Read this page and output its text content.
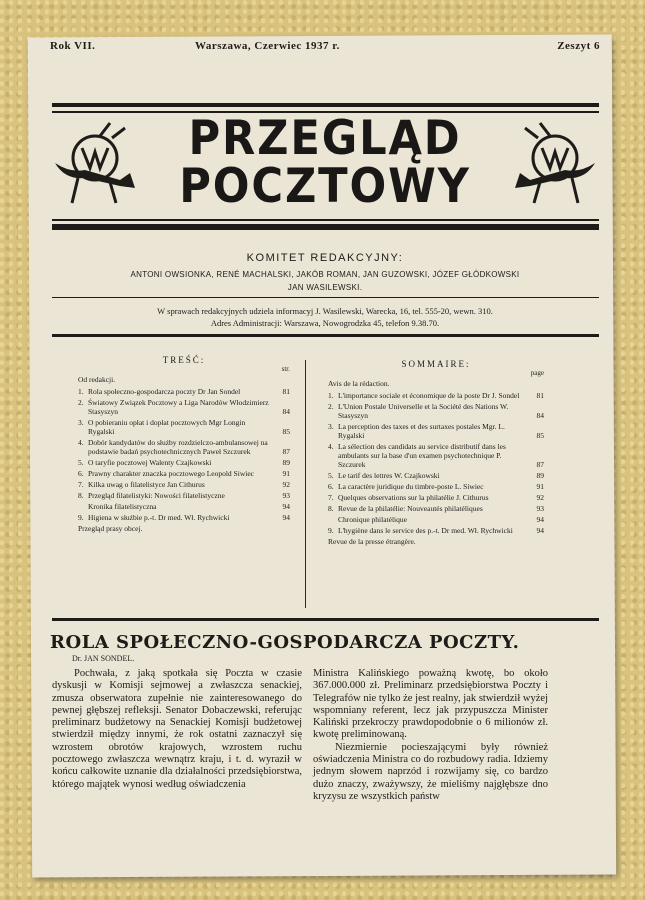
Rok VII.	Warszawa, Czerwiec 1937 r.	Zeszyt 6
PRZEGLĄD
POCZTOWY
KOMITET REDAKCYJNY:
ANTONI OWSIONKA, RENÉ MACHALSKI, JAKÓB ROMAN, JAN GUZOWSKI, JÓZEF GŁÓDKOWSKI
JAN WASILEWSKI.
W sprawach redakcyjnych udziela informacyj J. Wasilewski, Warecka, 16, tel. 555-20, wewn. 310.
Adres Administracji: Warszawa, Nowogrodzka 45, telefon 9.38.70.
TREŚĆ:
str.
Od redakcji.
1. Rola społeczno-gospodarcza poczty Dr Jan Sondel	81
2. Światowy Związek Pocztowy a Liga Narodów Włodzimierz Stasyszyn	84
3. O pobieraniu opłat i dopłat pocztowych Mgr Longin Rygalski	85
4. Dobór kandydatów do służby rozdzielczo-ambulansowej na podstawie badań psychotechnicznych Paweł Szczurek	87
5. O taryfie pocztowej Walenty Czajkowski	89
6. Prawny charakter znaczka pocztowego Leopold Siwiec	91
7. Kilka uwag o filatelistyce Jan Cithurus	92
8. Przegląd filatelistyki: Nowości filatelistyczne	93
Kronika filatelistyczna	94
9. Higiena w służbie p.-t. Dr med. Wł. Rychwicki	94
Przegląd prasy obcej.
SOMMAIRE:
page
Avis de la rédaction.
1. L'importance sociale et économique de la poste Dr J. Sondel	81
2. L'Union Postale Universelle et la Société des Nations W. Stasyszyn	84
3. La perception des taxes et des surtaxes postales Mgr. L. Rygalski	85
4. La sélection des candidats au service distributif dans les ambulants sur la base d'un examen psychotechnique P. Szczurek	87
5. Le tarif des lettres W. Czajkowski	89
6. La caractère juridique du timbre-poste L. Siwiec	91
7. Quelques observations sur la philatélie J. Cithurus	92
8. Revue de la philatélie: Nouveautés philatéliques	93
Chronique philatélique	94
9. L'hygiène dans le service des p.-t. Dr med. Wł. Rychwicki	94
Revue de la presse étrangère.
ROLA SPOŁECZNO-GOSPODARCZA POCZTY.
Dr. JAN SONDEL.

Pochwała, z jaką spotkała się Poczta w czasie dyskusji w Komisji sejmowej a zwłaszcza senackiej, zmusza obserwatora zupełnie nie zainteresowanego do pewnej głębszej refleksji. Senator Dobaczewski, referując preliminarz budżetowy na Senackiej Komisji budżetowej stwierdził między innymi, że rok ostatni zaznaczył się wzrostem obrotów krajowych, wzrostem ruchu pocztowego zwłaszcza wewnątrz kraju, i t. d. wyraził w końcu całkowite uznanie dla działalności przedsiębiorstwa, którego majątek wynosi według oświadczenia

Ministra Kalińskiego poważną kwotę, bo około 367.000.000 zł. Preliminarz przedsiębiorstwa Poczty i Telegrafów nie tylko że jest realny, jak stwierdził wyżej wspomniany referent, lecz jak przypuszcza Minister Kaliński przekroczy prawdopodobnie o 6 milionów zł. kwotę preliminowaną.

Niezmiernie pocieszającymi były również oświadczenia Ministra co do rozbudowy radia. Idziemy jednym słowem naprzód i rozwijamy się, co bardzo dużo znaczy, zważywszy, że mieliśmy najgłębsze dno kryzysu ze wszystkich państw
